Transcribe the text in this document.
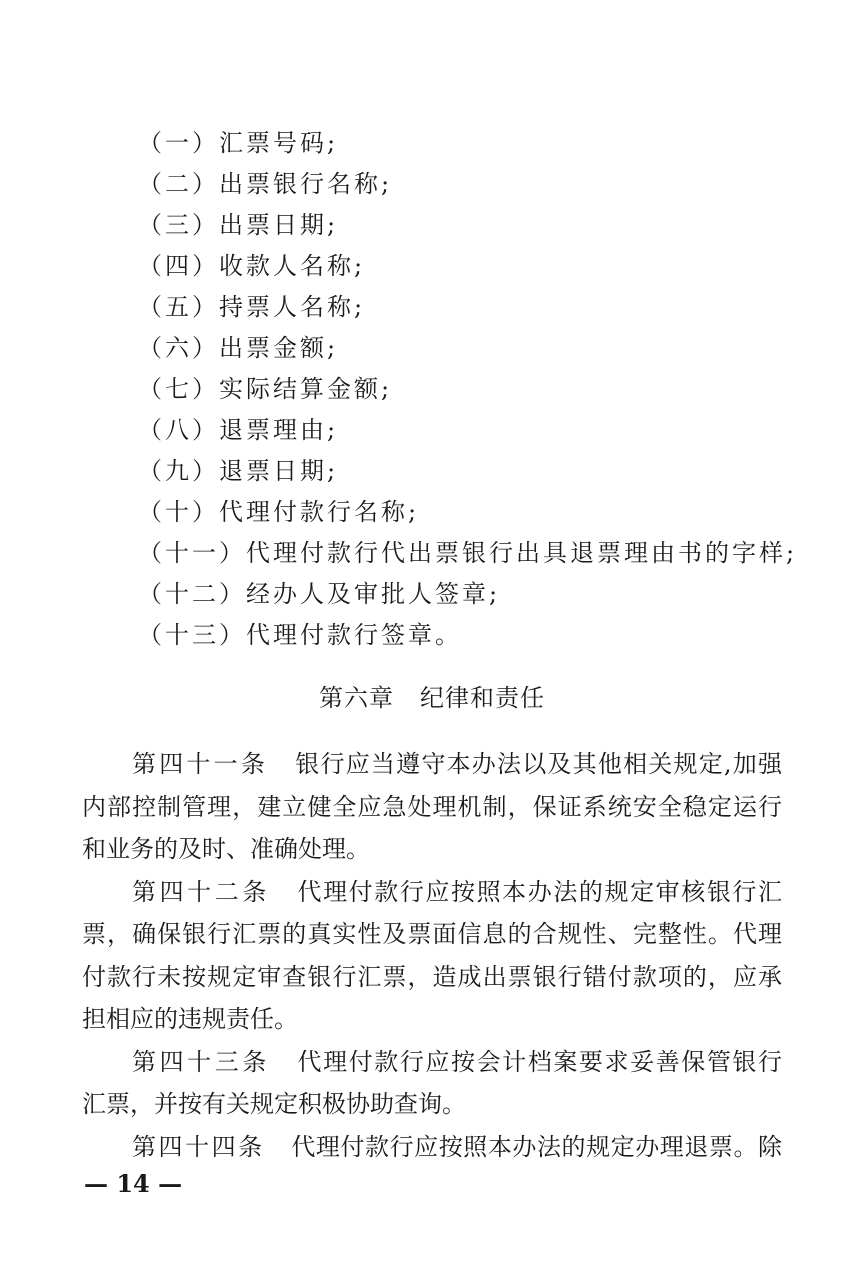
（一）汇票号码;
（二）出票银行名称;
（三）出票日期;
（四）收款人名称;
（五）持票人名称;
（六）出票金额;
（七）实际结算金额;
（八）退票理由;
（九）退票日期;
（十）代理付款行名称;
（十一）代理付款行代出票银行出具退票理由书的字样;
（十二）经办人及审批人签章;
（十三）代理付款行签章。
第六章 纪律和责任
第四十一条 银行应当遵守本办法以及其他相关规定,加强
内部控制管理，建立健全应急处理机制，保证系统安全稳定运行
和业务的及时、准确处理。
第四十二条 代理付款行应按照本办法的规定审核银行汇
票，确保银行汇票的真实性及票面信息的合规性、完整性。代理
付款行未按规定审查银行汇票，造成出票银行错付款项的，应承
担相应的违规责任。
第四十三条 代理付款行应按会计档案要求妥善保管银行
汇票，并按有关规定积极协助查询。
第四十四条 代理付款行应按照本办法的规定办理退票。除
— 14 —
